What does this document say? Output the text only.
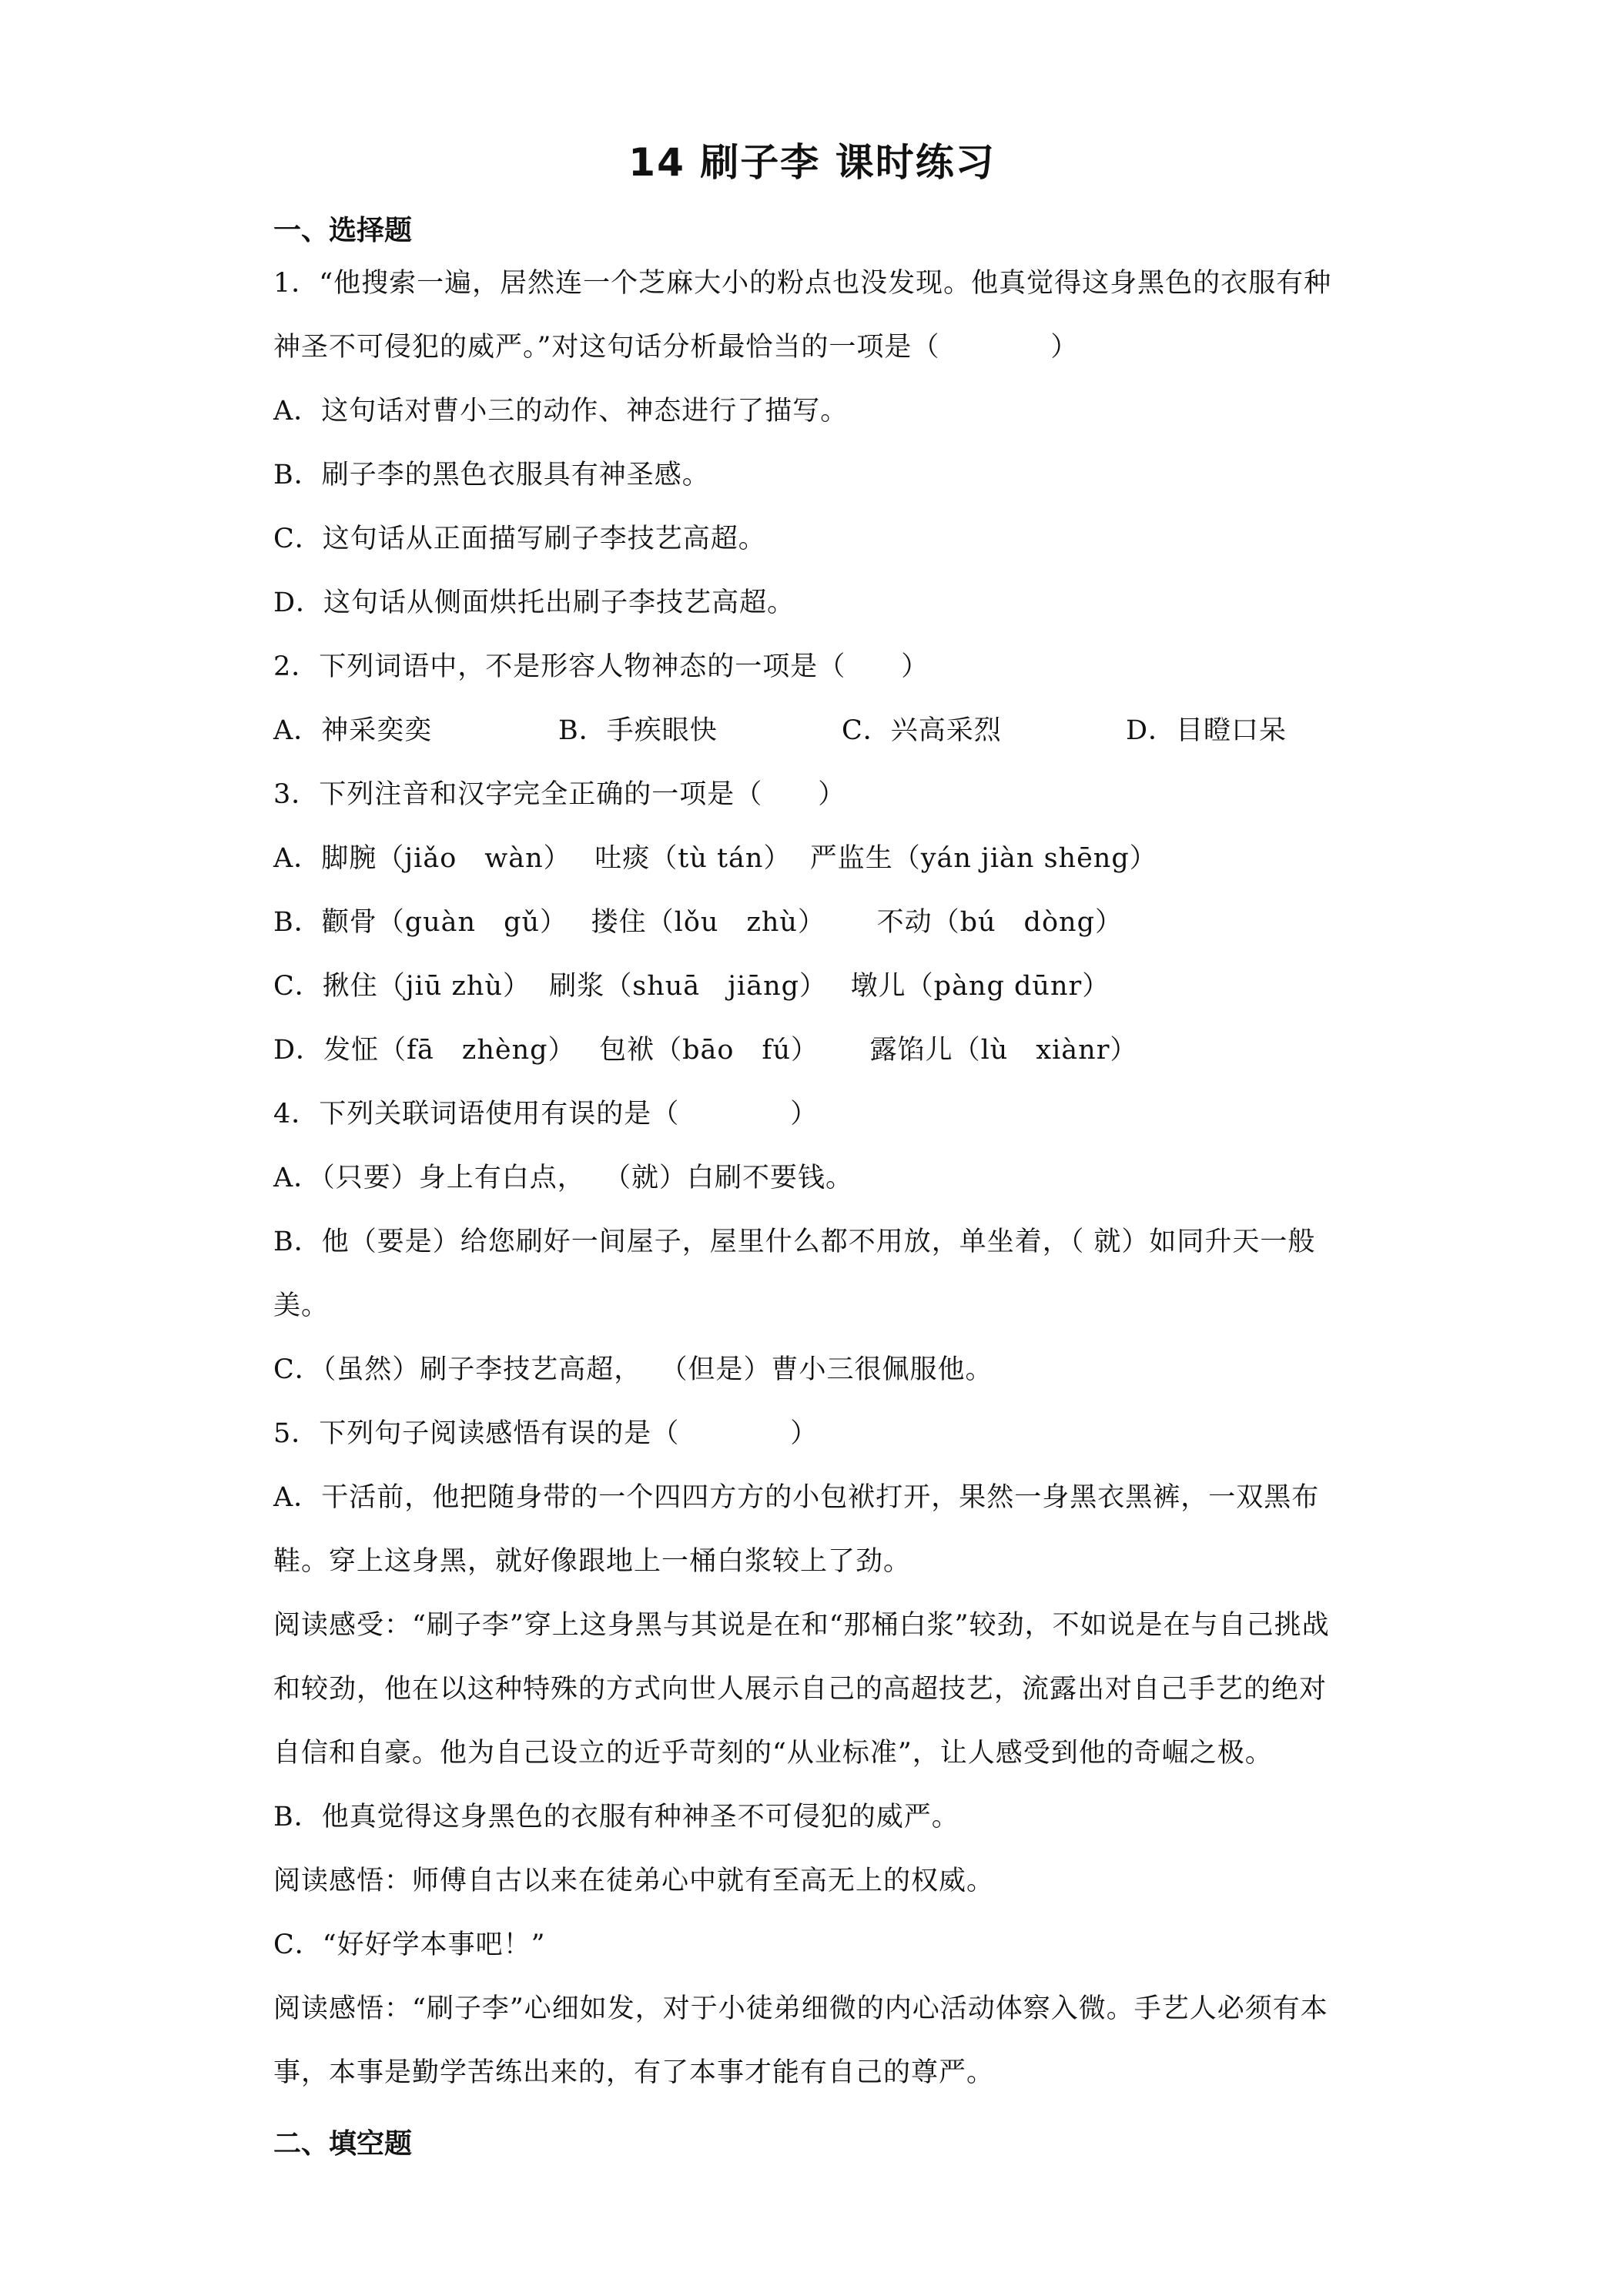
14 刷子李 课时练习
一、选择题
1．“他搜索一遍，居然连一个芝麻大小的粉点也没发现。他真觉得这身黑色的衣服有种
神圣不可侵犯的威严。”对这句话分析最恰当的一项是（　　　　）
A．这句话对曹小三的动作、神态进行了描写。
B．刷子李的黑色衣服具有神圣感。
C．这句话从正面描写刷子李技艺高超。
D．这句话从侧面烘托出刷子李技艺高超。
2．下列词语中，不是形容人物神态的一项是（　　）
A．神采奕奕	B．手疾眼快	C．兴高采烈	D．目瞪口呆
3．下列注音和汉字完全正确的一项是（　　）
A．脚腕（jiǎo　wàn）　 吐痰（tù tán）  严监生（yán jiàn shēng）
B．颧骨（guàn　gǔ）　 搂住（lǒu　zhù）　　 不动（bú　dòng）
C．揪住（jiū zhù）  刷浆（shuā　jiāng）　 墩儿（pàng dūnr）
D．发怔（fā　zhèng）　 包袱（bāo　fú）　　 露馅儿（lù　xiànr）
4．下列关联词语使用有误的是（　　　　）
A．（只要）身上有白点，  （就）白刷不要钱。
B．他（要是）给您刷好一间屋子，屋里什么都不用放，单坐着，（ 就）如同升天一般
美。
C．（虽然）刷子李技艺高超，  （但是）曹小三很佩服他。
5．下列句子阅读感悟有误的是（　　　　）
A．干活前，他把随身带的一个四四方方的小包袱打开，果然一身黑衣黑裤，一双黑布
鞋。穿上这身黑，就好像跟地上一桶白浆较上了劲。
阅读感受：“刷子李”穿上这身黑与其说是在和“那桶白浆”较劲，不如说是在与自己挑战
和较劲，他在以这种特殊的方式向世人展示自己的高超技艺，流露出对自己手艺的绝对
自信和自豪。他为自己设立的近乎苛刻的“从业标准”，让人感受到他的奇崛之极。
B．他真觉得这身黑色的衣服有种神圣不可侵犯的威严。
阅读感悟：师傅自古以来在徒弟心中就有至高无上的权威。
C．“好好学本事吧！”
阅读感悟：“刷子李”心细如发，对于小徒弟细微的内心活动体察入微。手艺人必须有本
事，本事是勤学苦练出来的，有了本事才能有自己的尊严。
二、填空题
